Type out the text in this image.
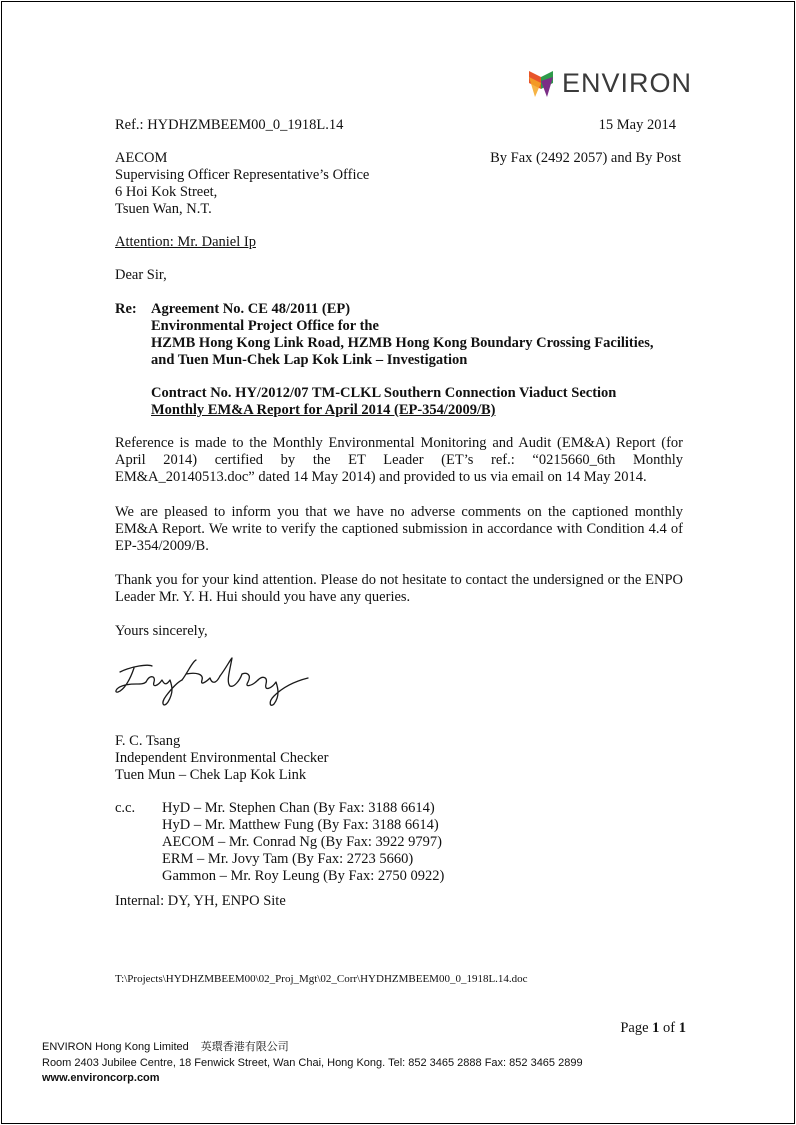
ENVIRON
Ref.: HYDHZMBEEM00_0_1918L.14	15 May 2014
AECOM
Supervising Officer Representative’s Office
6 Hoi Kok Street,
Tsuen Wan, N.T.
By Fax (2492 2057) and By Post
Attention: Mr. Daniel Ip
Dear Sir,
Re: Agreement No. CE 48/2011 (EP)
Environmental Project Office for the
HZMB Hong Kong Link Road, HZMB Hong Kong Boundary Crossing Facilities,
and Tuen Mun-Chek Lap Kok Link – Investigation
Contract No. HY/2012/07 TM-CLKL Southern Connection Viaduct Section
Monthly EM&A Report for April 2014 (EP-354/2009/B)
Reference is made to the Monthly Environmental Monitoring and Audit (EM&A) Report (for April 2014) certified by the ET Leader (ET’s ref.: “0215660_6th Monthly EM&A_20140513.doc” dated 14 May 2014) and provided to us via email on 14 May 2014.
We are pleased to inform you that we have no adverse comments on the captioned monthly EM&A Report. We write to verify the captioned submission in accordance with Condition 4.4 of EP-354/2009/B.
Thank you for your kind attention. Please do not hesitate to contact the undersigned or the ENPO Leader Mr. Y. H. Hui should you have any queries.
Yours sincerely,
F. C. Tsang
Independent Environmental Checker
Tuen Mun – Chek Lap Kok Link
c.c. HyD – Mr. Stephen Chan (By Fax: 3188 6614)
HyD – Mr. Matthew Fung (By Fax: 3188 6614)
AECOM – Mr. Conrad Ng (By Fax: 3922 9797)
ERM – Mr. Jovy Tam (By Fax: 2723 5660)
Gammon – Mr. Roy Leung (By Fax: 2750 0922)
Internal: DY, YH, ENPO Site
T:\Projects\HYDHZMBEEM00\02_Proj_Mgt\02_Corr\HYDHZMBEEM00_0_1918L.14.doc
Page 1 of 1
ENVIRON Hong Kong Limited 英環香港有限公司
Room 2403 Jubilee Centre, 18 Fenwick Street, Wan Chai, Hong Kong. Tel: 852 3465 2888 Fax: 852 3465 2899
www.environcorp.com
